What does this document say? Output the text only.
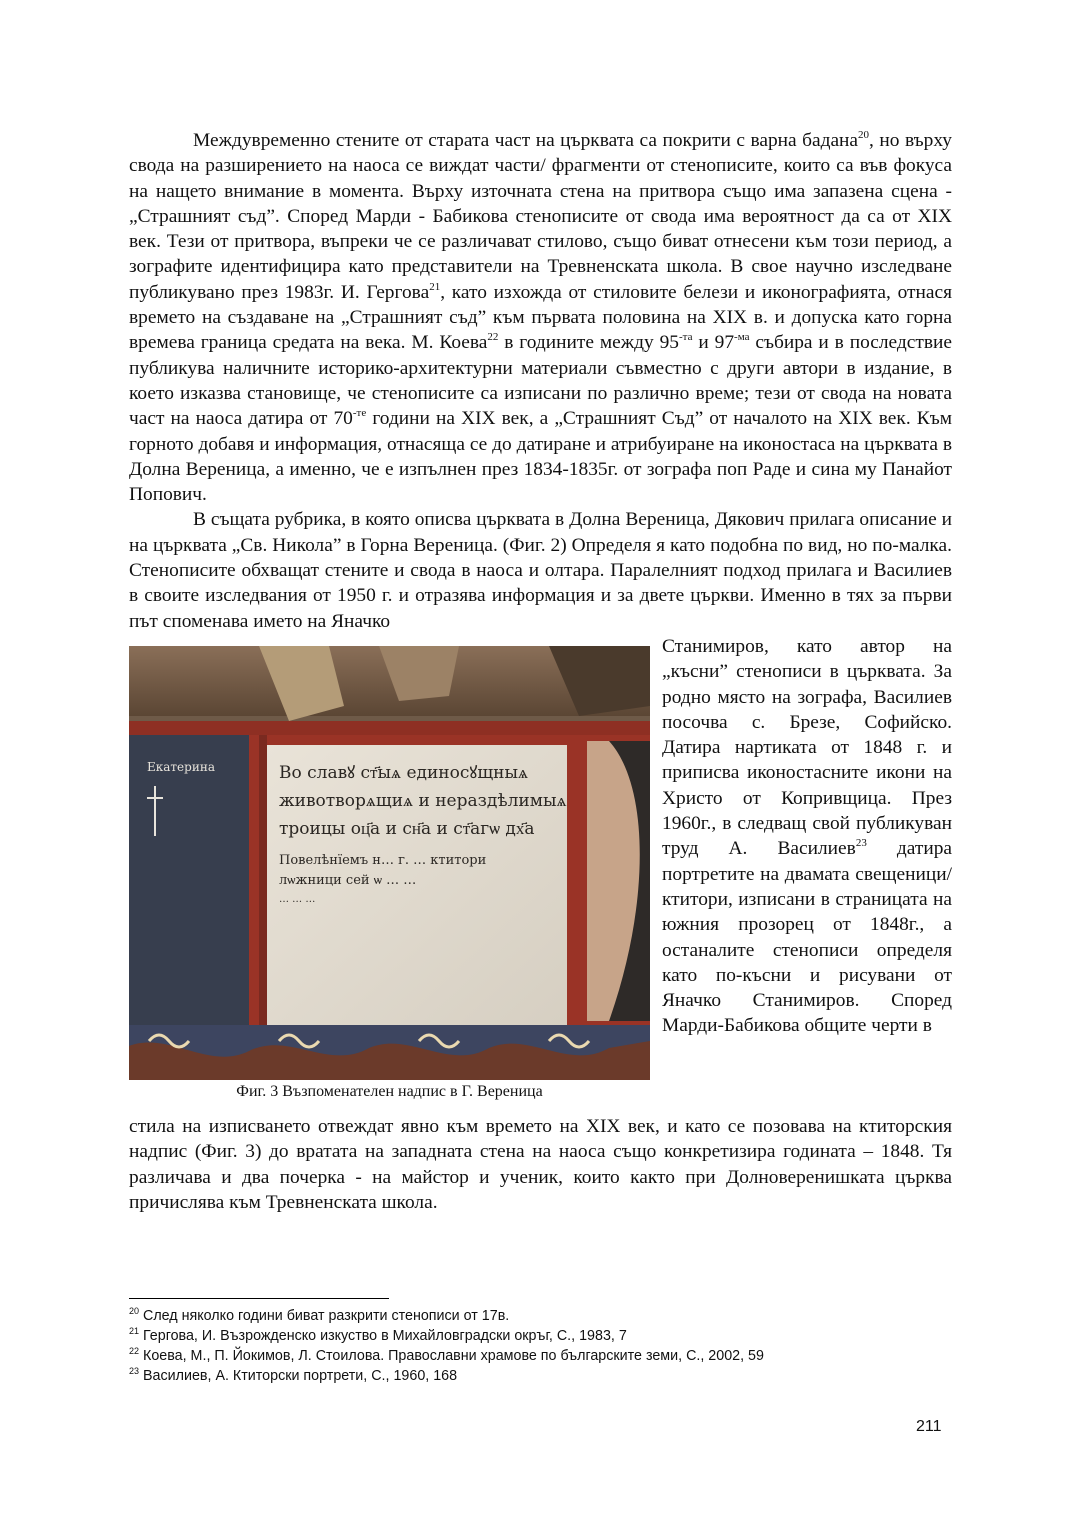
Междувременно стените от старата част на църквата са покрити с варна бадана$^{20}$, но върху свода на разширението на наоса се виждат части/ фрагменти от стенописите, които са във фокуса на нащето внимание в момента. Върху източната стена на притвора също има запазена сцена - „Страшният съд”. Според Марди - Бабикова стенописите от свода има вероятност да са от XIX век. Тези от притвора, въпреки че се различават стилово, също биват отнесени към този период, а зографите идентифицира като представители на Тревненската школа. В свое научно изследване публикувано през 1983г. И. Гергова$^{21}$, като изхожда от стиловите белези и иконографията, отнася времето на създаване на „Страшният съд” към първата половина на XIX в. и допуска като горна времева граница средата на века. М. Коева$^{22}$ в годините между $95^{-та}$ и $97^{-ма}$ събира и в последствие публикува наличните историко-архитектурни материали съвместно с други автори в издание, в което изказва становище, че стенописите са изписани по различно време; тези от свода на новата част на наоса датира от $70^{-те}$ години на XIX век, а „Страшният Съд” от началото на XIX век. Към горното добавя и информация, отнасяща се до датиране и атрибуиране на иконостаса на църквата в Долна Вереница, а именно, че е изпълнен през 1834-1835г. от зографа поп Раде и сина му Панайот Попович.

В същата рубрика, в която описва църквата в Долна Вереница, Дякович прилага описание и на църквата „Св. Никола” в Горна Вереница. (Фиг. 2) Определя я като подобна по вид, но по-малка. Стенописите обхващат стените и свода в наоса и олтара. Паралелният подход прилага и Василиев в своите изследвания от 1950 г. и отразява информация и за двете църкви. Именно в тях за първи път споменава името на Яначко

Екатерина	Во славꙋ ст҃ыѧ единосꙋщныѧ
животворѧщиѧ и нераздѣлимыѧ
троицы оц҃а и сн҃а и ст҃агѡ дх҃а
Повелѣнїемъ н… г. … ктитори
лѡжници сей ѡ … …
… … …
Фиг. 3 Възпоменателен надпис в Г. Вереница

Станимиров, като автор на „късни” стенописи в църквата. За родно място на зографа, Василиев посочва с. Брезе, Софийско. Датира нартиката от 1848 г. и приписва иконостасните икони на Христо от Копривщица. През 1960г., в следващ свой публикуван труд А. Василиев$^{23}$ датира портретите на двамата свещеници/ктитори, изписани в страницата на южния прозорец от 1848г., а останалите стенописи определя като по-късни и рисувани от Яначко Станимиров. Според Марди-Бабикова общите черти в

стила на изписването отвеждат явно към времето на XIX век, и като се позовава на ктиторския надпис (Фиг. 3) до вратата на западната стена на наоса също конкретизира годината – 1848. Тя различава и два почерка - на майстор и ученик, които както при Долноверенишката църква причислява към Тревненската школа.

$^{20}$ След няколко години биват разкрити стенописи от 17в.
$^{21}$ Гергова, И. Възрожденско изкуство в Михайловградски окръг, С., 1983, 7
$^{22}$ Коева, М., П. Йокимов, Л. Стоилова. Православни храмове по българските земи, С., 2002, 59
$^{23}$ Василиев, А. Ктиторски портрети, С., 1960, 168
211
